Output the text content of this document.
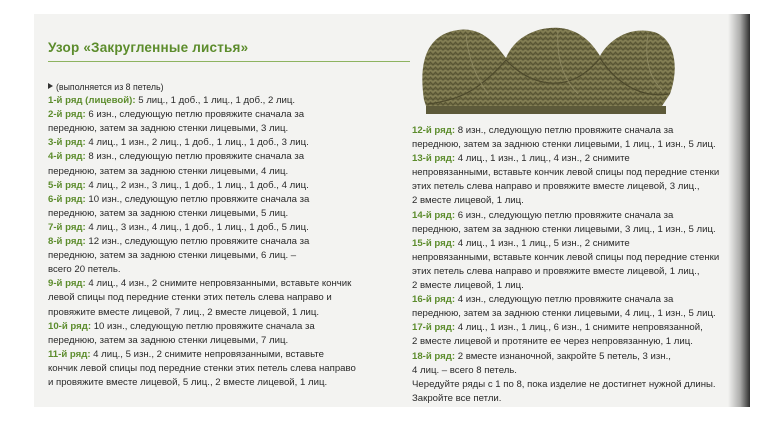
Узор «Закругленные листья»
(выполняется из 8 петель)
1-й ряд (лицевой): 5 лиц., 1 доб., 1 лиц., 1 доб., 2 лиц.
2-й ряд: 6 изн., следующую петлю провяжите сначала за
переднюю, затем за заднюю стенки лицевыми, 3 лиц.
3-й ряд: 4 лиц., 1 изн., 2 лиц., 1 доб., 1 лиц., 1 доб., 3 лиц.
4-й ряд: 8 изн., следующую петлю провяжите сначала за
переднюю, затем за заднюю стенки лицевыми, 4 лиц.
5-й ряд: 4 лиц., 2 изн., 3 лиц., 1 доб., 1 лиц., 1 доб., 4 лиц.
6-й ряд: 10 изн., следующую петлю провяжите сначала за
переднюю, затем за заднюю стенки лицевыми, 5 лиц.
7-й ряд: 4 лиц., 3 изн., 4 лиц., 1 доб., 1 лиц., 1 доб., 5 лиц.
8-й ряд: 12 изн., следующую петлю провяжите сначала за
переднюю, затем за заднюю стенки лицевыми, 6 лиц. –
всего 20 петель.
9-й ряд: 4 лиц., 4 изн., 2 снимите непровязанными, вставьте кончик
левой спицы под передние стенки этих петель слева направо и
провяжите вместе лицевой, 7 лиц., 2 вместе лицевой, 1 лиц.
10-й ряд: 10 изн., следующую петлю провяжите сначала за
переднюю, затем за заднюю стенки лицевыми, 7 лиц.
11-й ряд: 4 лиц., 5 изн., 2 снимите непровязанными, вставьте
кончик левой спицы под передние стенки этих петель слева направо
и провяжите вместе лицевой, 5 лиц., 2 вместе лицевой, 1 лиц.
12-й ряд: 8 изн., следующую петлю провяжите сначала за
переднюю, затем за заднюю стенки лицевыми, 1 лиц., 1 изн., 5 лиц.
13-й ряд: 4 лиц., 1 изн., 1 лиц., 4 изн., 2 снимите
непровязанными, вставьте кончик левой спицы под передние стенки
этих петель слева направо и провяжите вместе лицевой, 3 лиц.,
2 вместе лицевой, 1 лиц.
14-й ряд: 6 изн., следующую петлю провяжите сначала за
переднюю, затем за заднюю стенки лицевыми, 3 лиц., 1 изн., 5 лиц.
15-й ряд: 4 лиц., 1 изн., 1 лиц., 5 изн., 2 снимите
непровязанными, вставьте кончик левой спицы под передние стенки
этих петель слева направо и провяжите вместе лицевой, 1 лиц.,
2 вместе лицевой, 1 лиц.
16-й ряд: 4 изн., следующую петлю провяжите сначала за
переднюю, затем за заднюю стенки лицевыми, 4 лиц., 1 изн., 5 лиц.
17-й ряд: 4 лиц., 1 изн., 1 лиц., 6 изн., 1 снимите непровязанной,
2 вместе лицевой и протяните ее через непровязанную, 1 лиц.
18-й ряд: 2 вместе изнаночной, закройте 5 петель, 3 изн.,
4 лиц. – всего 8 петель.
Чередуйте ряды с 1 по 8, пока изделие не достигнет нужной длины.
Закройте все петли.
